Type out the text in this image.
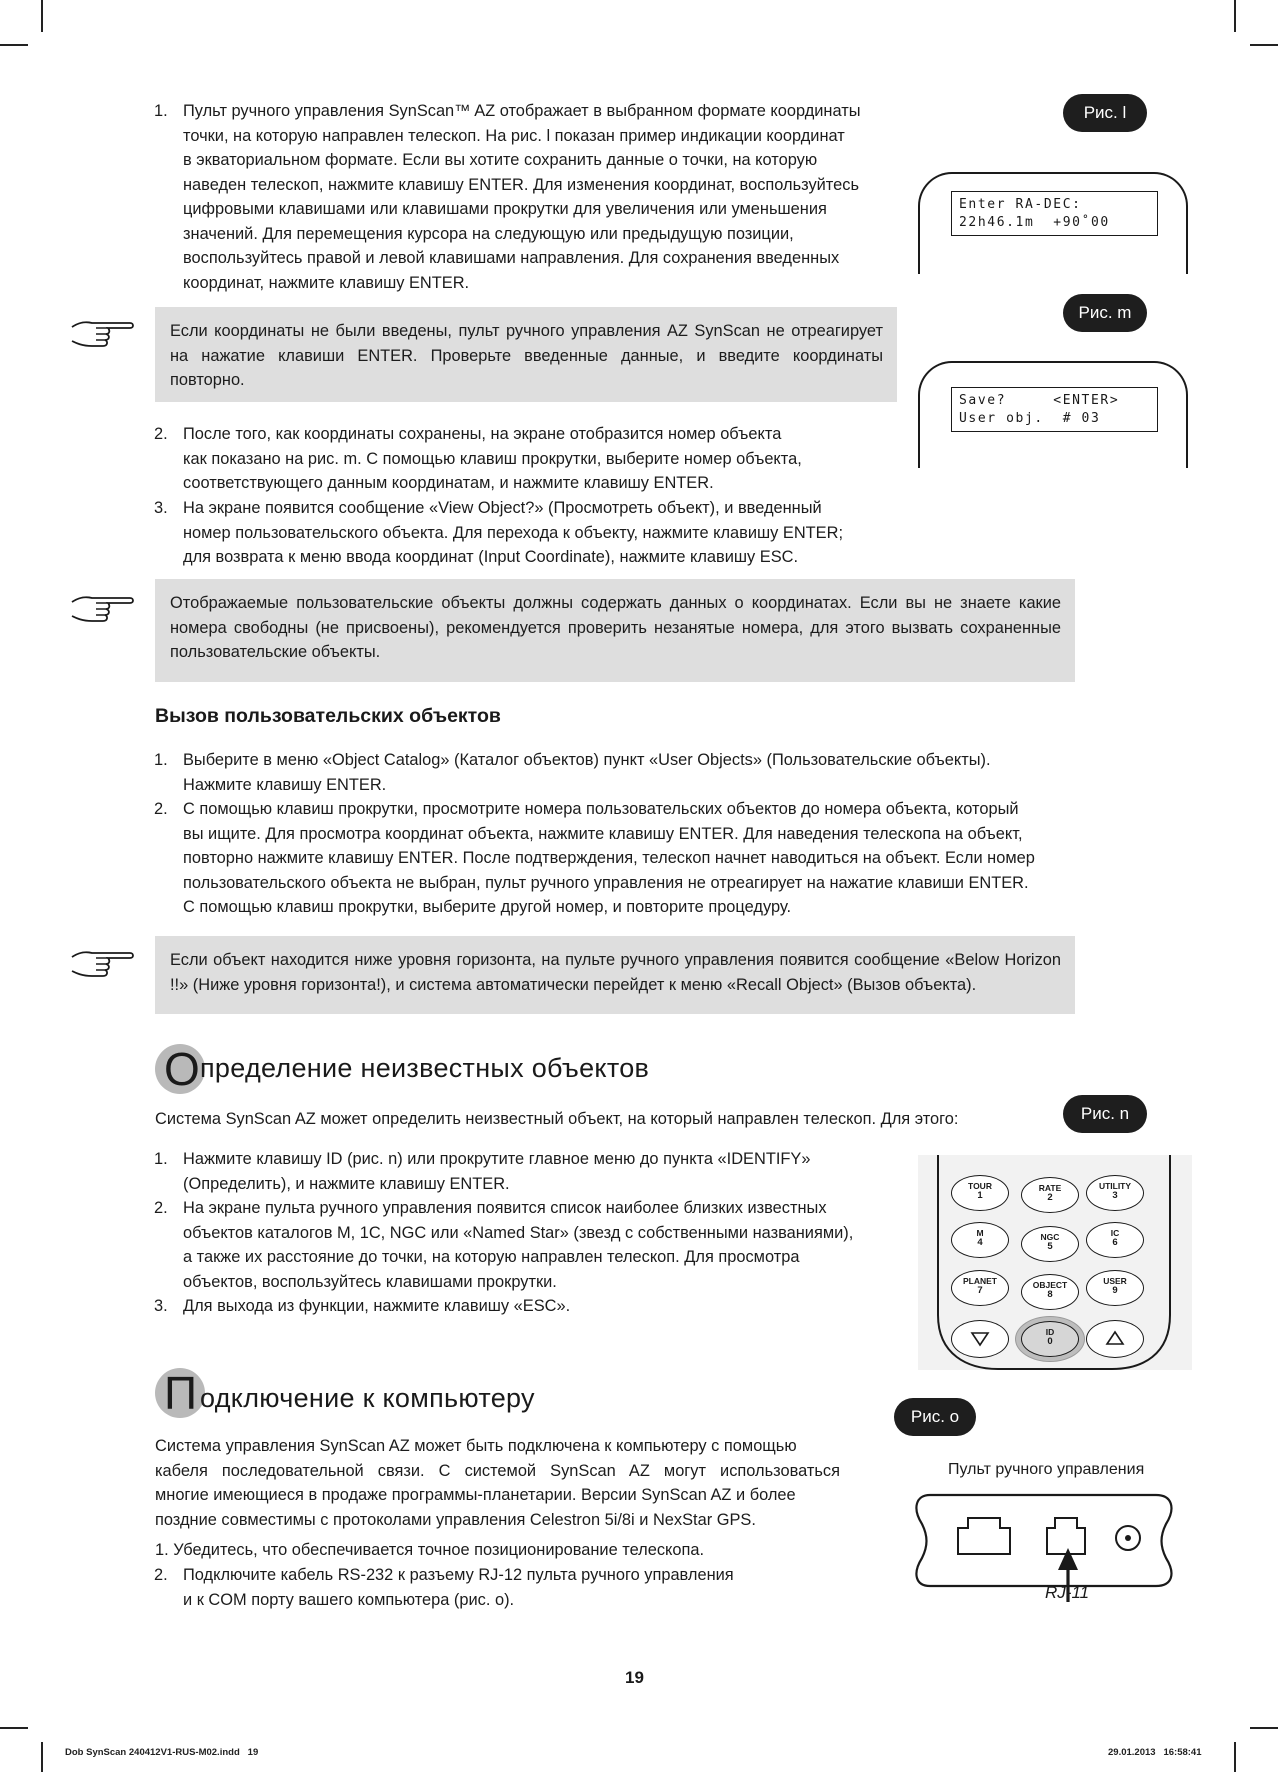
1. Пульт ручного управления SynScan™ AZ отображает в выбранном формате координаты
точки, на которую направлен телескоп. На рис. l показан пример индикации координат
в экваториальном формате. Если вы хотите сохранить данные о точки, на которую
наведен телескоп, нажмите клавишу ENTER. Для изменения координат, воспользуйтесь
цифровыми клавишами или клавишами прокрутки для увеличения или уменьшения
значений. Для перемещения курсора на следующую или предыдущую позиции,
воспользуйтесь правой и левой клавишами направления. Для сохранения введенных
координат, нажмите клавишу ENTER.
Если координаты не были введены, пульт ручного управления AZ SynScan не отреагирует на нажатие клавиши ENTER. Проверьте введенные данные, и введите координаты повторно.
2. После того, как координаты сохранены, на экране отобразится номер объекта
как показано на рис. m. С помощью клавиш прокрутки, выберите номер объекта,
соответствующего данным координатам, и нажмите клавишу ENTER.
3. На экране появится сообщение «View Object?» (Просмотреть объект), и введенный
номер пользовательского объекта. Для перехода к объекту, нажмите клавишу ENTER;
для возврата к меню ввода координат (Input Coordinate), нажмите клавишу ESC.
Отображаемые пользовательские объекты должны содержать данных о координатах. Если вы не знаете какие номера свободны (не присвоены), рекомендуется проверить незанятые номера, для этого вызвать сохраненные пользовательские объекты.
Вызов пользовательских объектов
1. Выберите в меню «Object Catalog» (Каталог объектов) пункт «User Objects» (Пользовательские объекты).
Нажмите клавишу ENTER.
2. С помощью клавиш прокрутки, просмотрите номера пользовательских объектов до номера объекта, который
вы ищите. Для просмотра координат объекта, нажмите клавишу ENTER. Для наведения телескопа на объект,
повторно нажмите клавишу ENTER. После подтверждения, телескоп начнет наводиться на объект. Если номер
пользовательского объекта не выбран, пульт ручного управления не отреагирует на нажатие клавиши ENTER.
С помощью клавиш прокрутки, выберите другой номер, и повторите процедуру.
Если объект находится ниже уровня горизонта, на пульте ручного управления появится сообщение «Below Horizon !!» (Ниже уровня горизонта!), и система автоматически перейдет к меню «Recall Object» (Вызов объекта).
О пределение неизвестных объектов
Система SynScan AZ может определить неизвестный объект, на который направлен телескоп. Для этого:
1. Нажмите клавишу ID (рис. n) или прокрутите главное меню до пункта «IDENTIFY»
(Определить), и нажмите клавишу ENTER.
2. На экране пульта ручного управления появится список наиболее близких известных
объектов каталогов M, 1C, NGC или «Named Star» (звезд с собственными названиями),
а также их расстояние до точки, на которую направлен телескоп. Для просмотра
объектов, воспользуйтесь клавишами прокрутки.
3. Для выхода из функции, нажмите клавишу «ESC».
П одключение к компьютеру
Система управления SynScan AZ может быть подключена к компьютеру с помощью
кабеля последовательной связи. С системой SynScan AZ могут использоваться
многие имеющиеся в продаже программы-планетарии. Версии SynScan AZ и более
поздние совместимы с протоколами управления Celestron 5i/8i и NexStar GPS.
1. Убедитесь, что обеспечивается точное позиционирование телескопа.
2. Подключите кабель RS-232 к разъему RJ-12 пульта ручного управления
и к COM порту вашего компьютера (рис. о).
Рис. l
Enter RA-DEC:
22h46.1m  +90˚00
Рис. m
Save?     <ENTER>
User obj.  # 03
Рис. n
TOUR
1
RATE
2
UTILITY
3
M
4	NGC
5
IC
6
PLANET
7	OBJECT
8
USER
9
ID
0
Рис. о
Пульт ручного управления
RJ-11
19
Dob SynScan 240412V1-RUS-M02.indd   19	29.01.2013   16:58:41
